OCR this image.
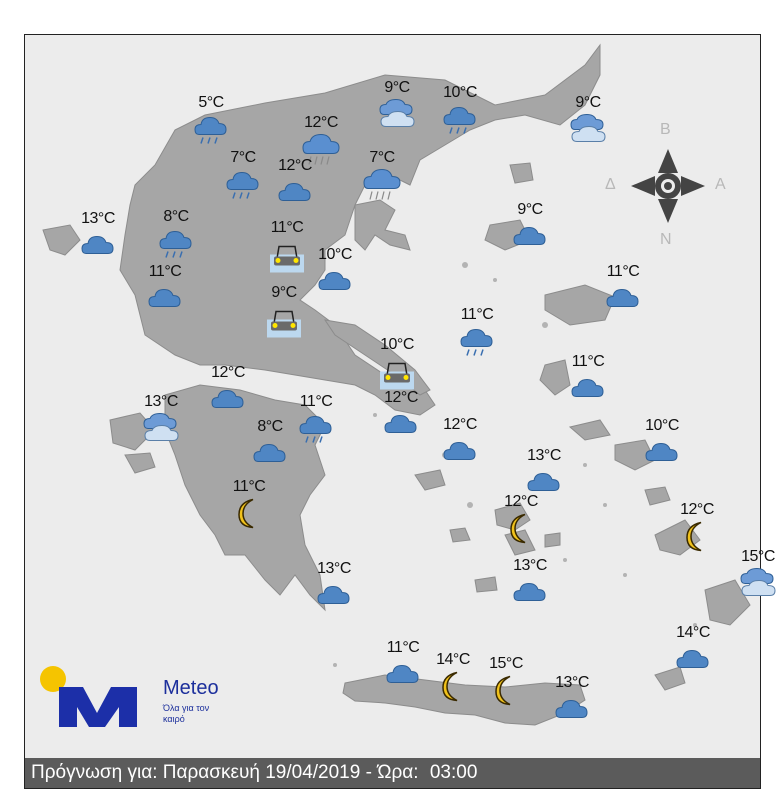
5°C
9°C 10°C
9°C
12°C
7°C 12°C	7°C
13°C	8°C	9°C
11°C
10°C
11°C	11°C
9°C
11°C
10°C
11°C
12°C
13°C	12°C
11°C
8°C	12°C	10°C
13°C
11°C
12°C	12°C
15°C
13°C	13°C
14°C
11°C
14°C 15°C
13°C
B
N
Δ	A
Meteo
Όλα για τον καιρό
Πρόγνωση για: Παρασκευή 19/04/2019 - Ώρα: 03:00
